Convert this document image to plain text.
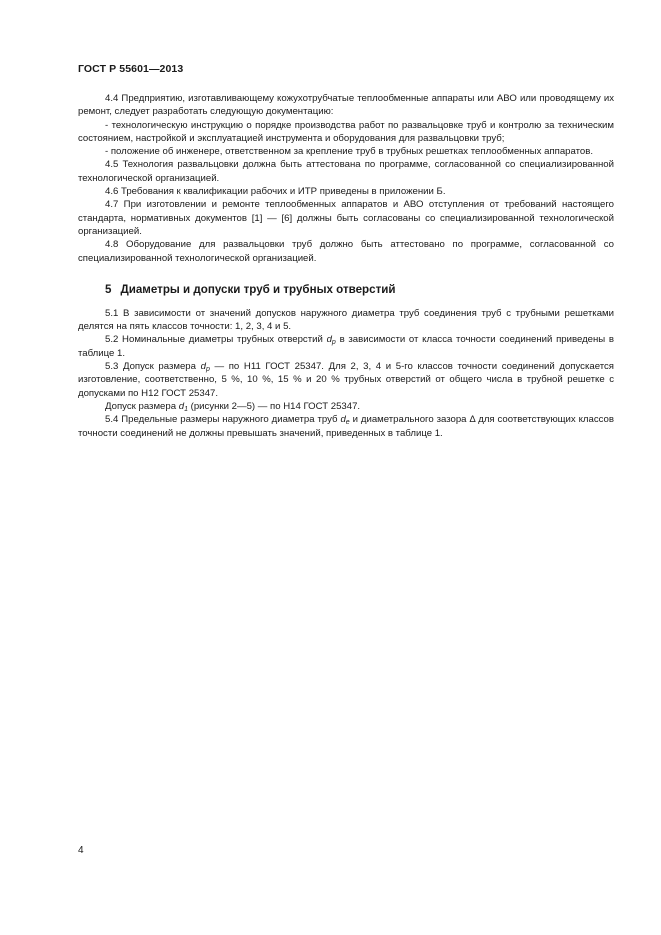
ГОСТ Р 55601—2013

4.4 Предприятию, изготавливающему кожухотрубчатые теплообменные аппараты или АВО или проводящему их ремонт, следует разработать следующую документацию:

- технологическую инструкцию о порядке производства работ по развальцовке труб и контролю за техническим состоянием, настройкой и эксплуатацией инструмента и оборудования для развальцовки труб;

- положение об инженере, ответственном за крепление труб в трубных решетках теплообменных аппаратов.

4.5 Технология развальцовки должна быть аттестована по программе, согласованной со специализированной технологической организацией.

4.6 Требования к квалификации рабочих и ИТР приведены в приложении Б.

4.7 При изготовлении и ремонте теплообменных аппаратов и АВО отступления от требований настоящего стандарта, нормативных документов [1] — [6] должны быть согласованы со специализированной технологической организацией.

4.8 Оборудование для развальцовки труб должно быть аттестовано по программе, согласованной со специализированной технологической организацией.

5 Диаметры и допуски труб и трубных отверстий

5.1 В зависимости от значений допусков наружного диаметра труб соединения труб с трубными решетками делятся на пять классов точности: 1, 2, 3, 4 и 5.

5.2 Номинальные диаметры трубных отверстий $d_p$ в зависимости от класса точности соединений приведены в таблице 1.

5.3 Допуск размера $d_p$ — по Н11 ГОСТ 25347. Для 2, 3, 4 и 5-го классов точности соединений допускается изготовление, соответственно, 5 %, 10 %, 15 % и 20 % трубных отверстий от общего числа в трубной решетке с допусками по Н12 ГОСТ 25347.

Допуск размера $d_1$ (рисунки 2—5) — по Н14 ГОСТ 25347.

5.4 Предельные размеры наружного диаметра труб $d_e$ и диаметрального зазора Δ для соответствующих классов точности соединений не должны превышать значений, приведенных в таблице 1.

4
